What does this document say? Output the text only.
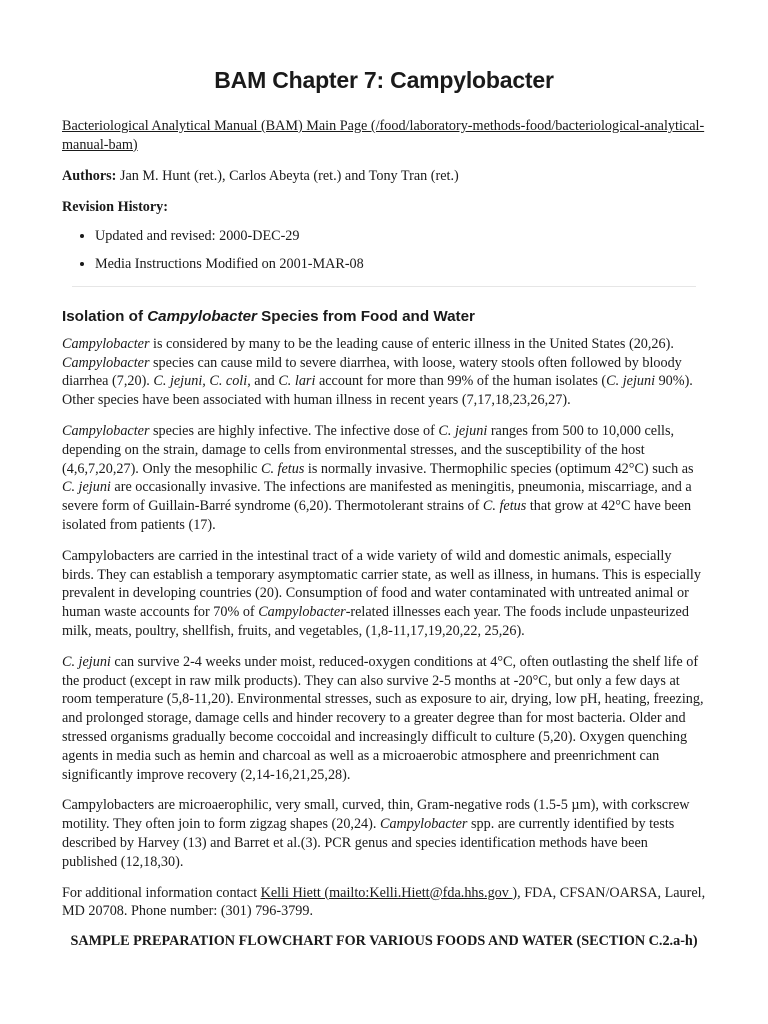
BAM Chapter 7: Campylobacter

Bacteriological Analytical Manual (BAM) Main Page (/food/laboratory-methods-food/bacteriological-analytical-manual-bam)

Authors: Jan M. Hunt (ret.), Carlos Abeyta (ret.) and Tony Tran (ret.)

Revision History:

• Updated and revised: 2000-DEC-29
• Media Instructions Modified on 2001-MAR-08
Isolation of Campylobacter Species from Food and Water

Campylobacter is considered by many to be the leading cause of enteric illness in the United States (20,26). Campylobacter species can cause mild to severe diarrhea, with loose, watery stools often followed by bloody diarrhea (7,20). C. jejuni, C. coli, and C. lari account for more than 99% of the human isolates (C. jejuni 90%). Other species have been associated with human illness in recent years (7,17,18,23,26,27).

Campylobacter species are highly infective. The infective dose of C. jejuni ranges from 500 to 10,000 cells, depending on the strain, damage to cells from environmental stresses, and the susceptibility of the host (4,6,7,20,27). Only the mesophilic C. fetus is normally invasive. Thermophilic species (optimum 42°C) such as C. jejuni are occasionally invasive. The infections are manifested as meningitis, pneumonia, miscarriage, and a severe form of Guillain-Barré syndrome (6,20). Thermotolerant strains of C. fetus that grow at 42°C have been isolated from patients (17).

Campylobacters are carried in the intestinal tract of a wide variety of wild and domestic animals, especially birds. They can establish a temporary asymptomatic carrier state, as well as illness, in humans. This is especially prevalent in developing countries (20). Consumption of food and water contaminated with untreated animal or human waste accounts for 70% of Campylobacter-related illnesses each year. The foods include unpasteurized milk, meats, poultry, shellfish, fruits, and vegetables, (1,8-11,17,19,20,22, 25,26).

C. jejuni can survive 2-4 weeks under moist, reduced-oxygen conditions at 4°C, often outlasting the shelf life of the product (except in raw milk products). They can also survive 2-5 months at -20°C, but only a few days at room temperature (5,8-11,20). Environmental stresses, such as exposure to air, drying, low pH, heating, freezing, and prolonged storage, damage cells and hinder recovery to a greater degree than for most bacteria. Older and stressed organisms gradually become coccoidal and increasingly difficult to culture (5,20). Oxygen quenching agents in media such as hemin and charcoal as well as a microaerobic atmosphere and preenrichment can significantly improve recovery (2,14-16,21,25,28).

Campylobacters are microaerophilic, very small, curved, thin, Gram-negative rods (1.5-5 µm), with corkscrew motility. They often join to form zigzag shapes (20,24). Campylobacter spp. are currently identified by tests described by Harvey (13) and Barret et al.(3). PCR genus and species identification methods have been published (12,18,30).

For additional information contact Kelli Hiett (mailto:Kelli.Hiett@fda.hhs.gov ), FDA, CFSAN/OARSA, Laurel, MD 20708. Phone number: (301) 796-3799.

SAMPLE PREPARATION FLOWCHART FOR VARIOUS FOODS AND WATER (SECTION C.2.a-h)
